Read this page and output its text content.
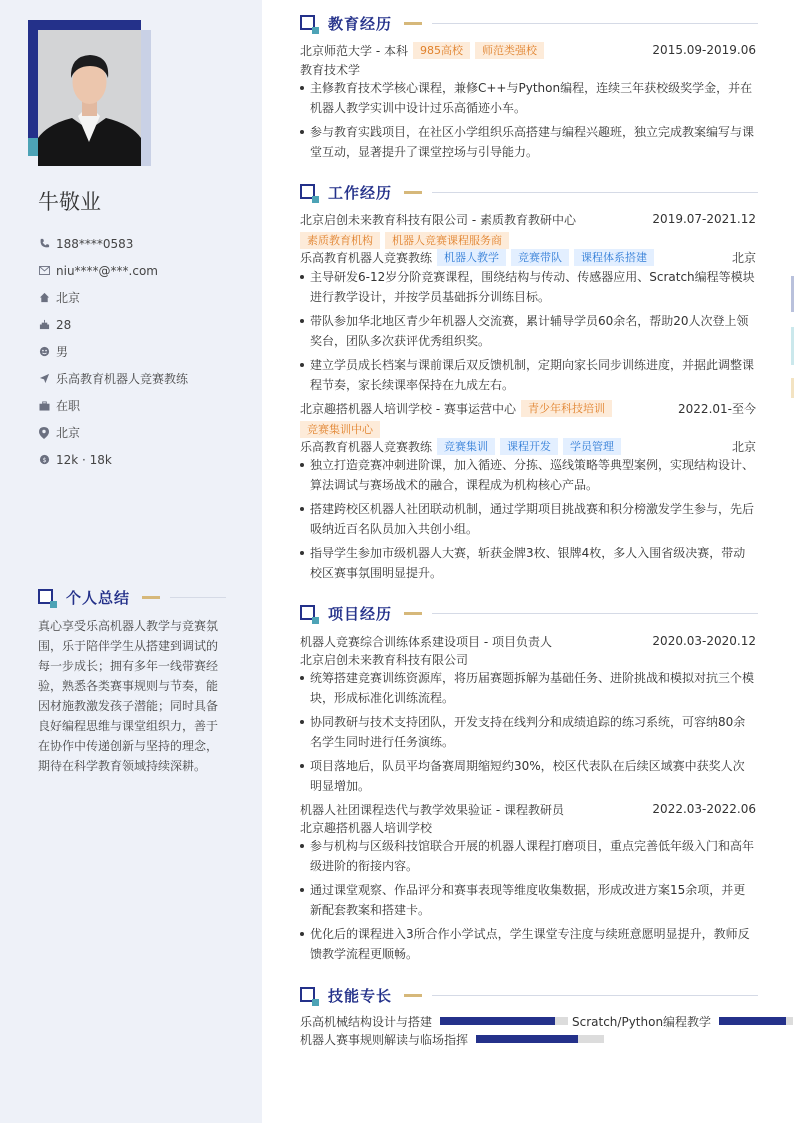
牛敬业
188****0583
niu****@***.com
北京
28
男
乐高教育机器人竞赛教练
在职
北京
$ 12k · 18k
个人总结
真心享受乐高机器人教学与竞赛氛围，乐于陪伴学生从搭建到调试的每一步成长；拥有多年一线带赛经验，熟悉各类赛事规则与节奏，能因材施教激发孩子潜能；同时具备良好编程思维与课堂组织力，善于在协作中传递创新与坚持的理念，期待在科学教育领域持续深耕。
教育经历
北京师范大学 - 本科	985高校	师范类强校	2015.09-2019.06
教育技术学
主修教育技术学核心课程，兼修C++与Python编程，连续三年获校级奖学金，并在机器人教学实训中设计过乐高循迹小车。
参与教育实践项目，在社区小学组织乐高搭建与编程兴趣班，独立完成教案编写与课堂互动，显著提升了课堂控场与引导能力。
工作经历
北京启创未来教育科技有限公司 - 素质教育教研中心	2019.07-2021.12
素质教育机构	机器人竞赛课程服务商
乐高教育机器人竞赛教练	机器人教学	竞赛带队	课程体系搭建	北京
主导研发6-12岁分阶竞赛课程，围绕结构与传动、传感器应用、Scratch编程等模块进行教学设计，并按学员基础拆分训练目标。
带队参加华北地区青少年机器人交流赛，累计辅导学员60余名，帮助20人次登上领奖台，团队多次获评优秀组织奖。
建立学员成长档案与课前课后双反馈机制，定期向家长同步训练进度，并据此调整课程节奏，家长续课率保持在九成左右。
北京趣搭机器人培训学校 - 赛事运营中心	青少年科技培训	2022.01-至今
竞赛集训中心
乐高教育机器人竞赛教练	竞赛集训	课程开发	学员管理	北京
独立打造竞赛冲刺进阶课，加入循迹、分拣、巡线策略等典型案例，实现结构设计、算法调试与赛场战术的融合，课程成为机构核心产品。
搭建跨校区机器人社团联动机制，通过学期项目挑战赛和积分榜激发学生参与，先后吸纳近百名队员加入共创小组。
指导学生参加市级机器人大赛，斩获金牌3枚、银牌4枚，多人入围省级决赛，带动校区赛事氛围明显提升。
项目经历
机器人竞赛综合训练体系建设项目 - 项目负责人	2020.03-2020.12
北京启创未来教育科技有限公司
统筹搭建竞赛训练资源库，将历届赛题拆解为基础任务、进阶挑战和模拟对抗三个模块，形成标准化训练流程。
协同教研与技术支持团队，开发支持在线判分和成绩追踪的练习系统，可容纳80余名学生同时进行任务演练。
项目落地后，队员平均备赛周期缩短约30%，校区代表队在后续区域赛中获奖人次明显增加。
机器人社团课程迭代与教学效果验证 - 课程教研员	2022.03-2022.06
北京趣搭机器人培训学校
参与机构与区级科技馆联合开展的机器人课程打磨项目，重点完善低年级入门和高年级进阶的衔接内容。
通过课堂观察、作品评分和赛事表现等维度收集数据，形成改进方案15余项，并更新配套教案和搭建卡。
优化后的课程进入3所合作小学试点，学生课堂专注度与续班意愿明显提升，教师反馈教学流程更顺畅。
技能专长
乐高机械结构设计与搭建	Scratch/Python编程教学
机器人赛事规则解读与临场指挥
